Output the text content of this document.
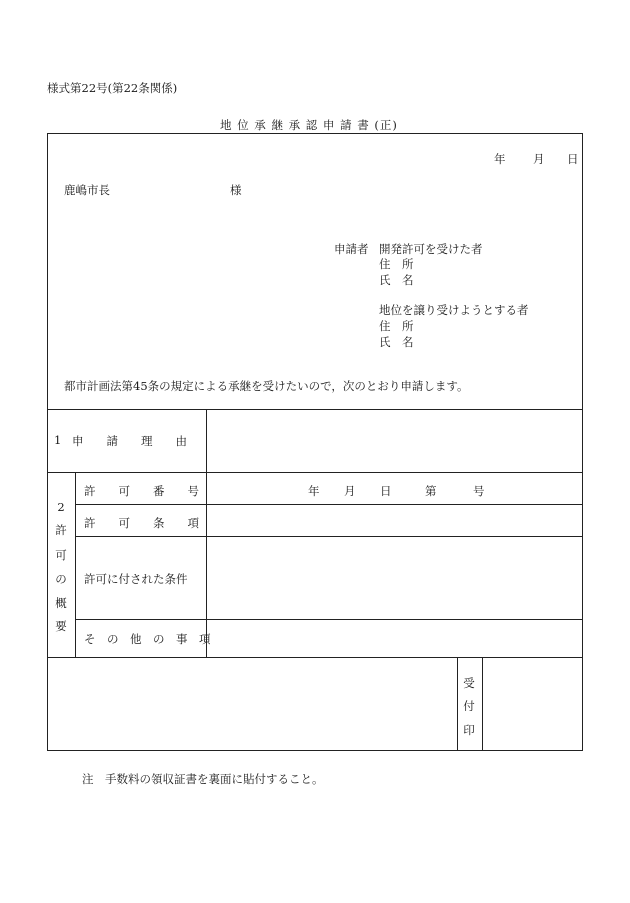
様式第22号(第22条関係)
地 位 承 継 承 認 申 請 書 (正)
年 月 日
鹿嶋市長	様
申請者 開発許可を受けた者
住　所
氏　名
地位を譲り受けようとする者
住　所
氏　名
都市計画法第45条の規定による承継を受けたいので，次のとおり申請します。
1 申　　請　　理　　由
2
許
可
の
概
要
許　　可　　番　　号	年 月 日	第	号
許　　可　　条　　項
許可に付された条件
そ　の　他　の　事　項
受
付
印
注　手数料の領収証書を裏面に貼付すること。
